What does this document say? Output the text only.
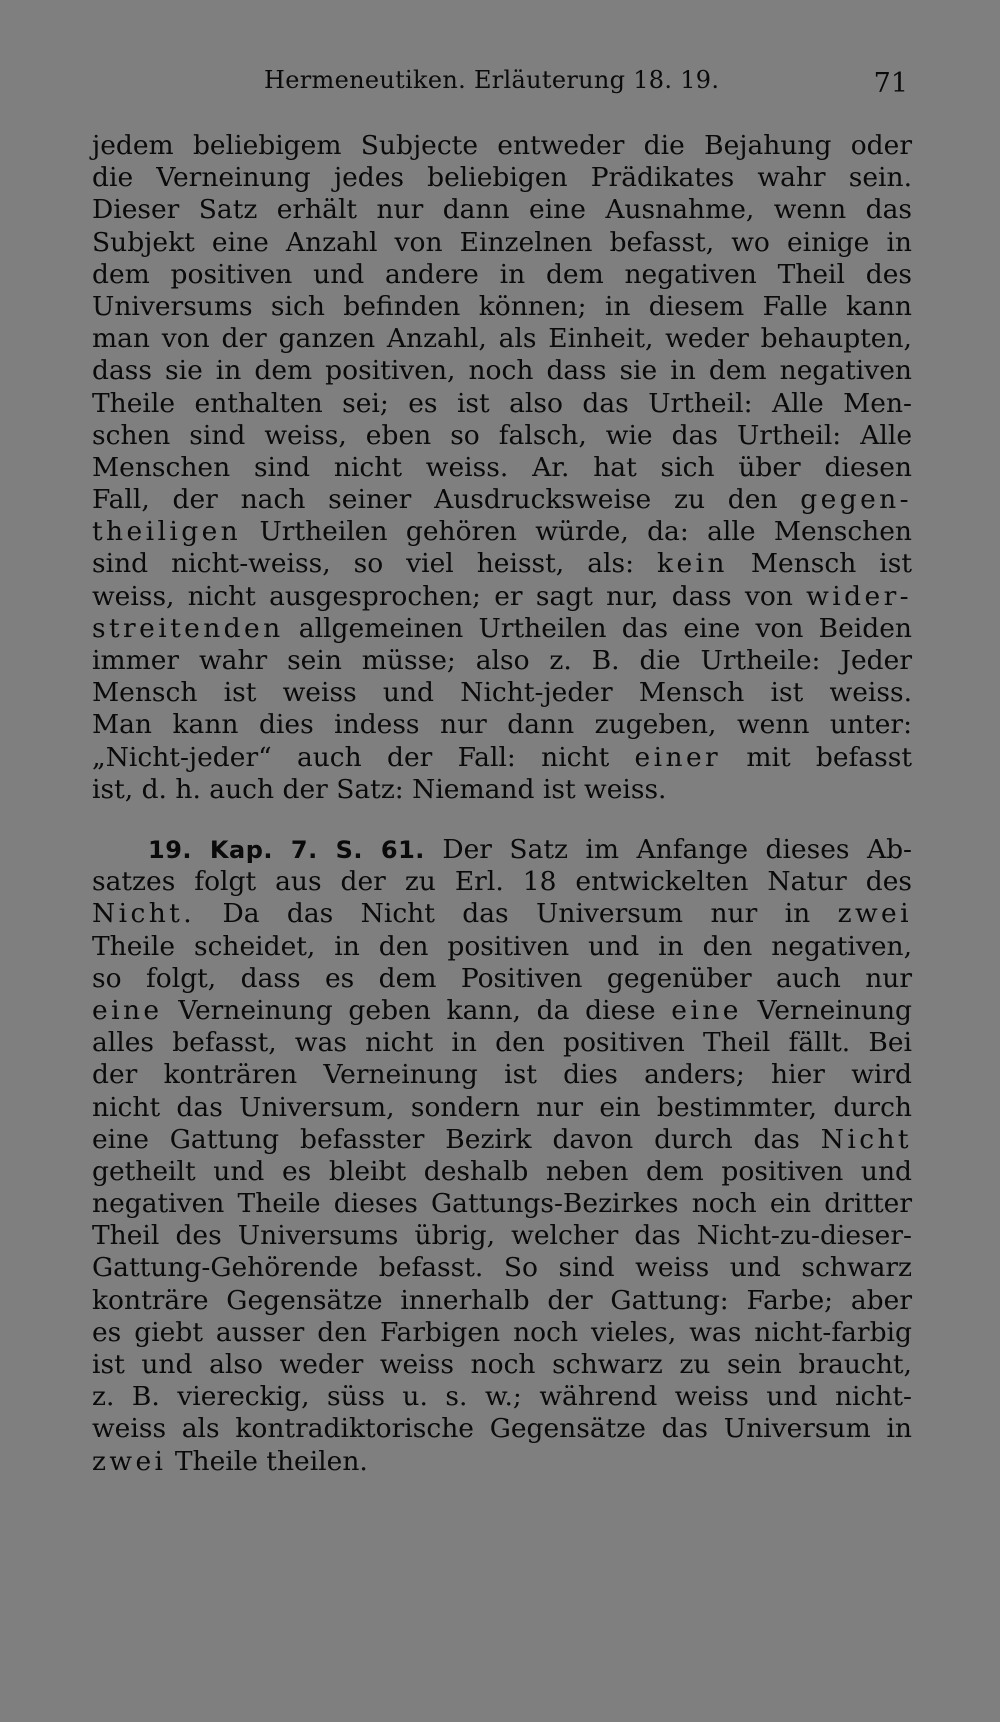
Hermeneutiken. Erläuterung 18. 19.	71
jedem beliebigem Subjecte entweder die Bejahung oder
die Verneinung jedes beliebigen Prädikates wahr sein.
Dieser Satz erhält nur dann eine Ausnahme, wenn das
Subjekt eine Anzahl von Einzelnen befasst, wo einige in
dem positiven und andere in dem negativen Theil des
Universums sich befinden können; in diesem Falle kann
man von der ganzen Anzahl, als Einheit, weder behaupten,
dass sie in dem positiven, noch dass sie in dem negativen
Theile enthalten sei; es ist also das Urtheil: Alle Men-
schen sind weiss, eben so falsch, wie das Urtheil: Alle
Menschen sind nicht weiss. Ar. hat sich über diesen
Fall, der nach seiner Ausdrucksweise zu den gegen-
theiligen Urtheilen gehören würde, da: alle Menschen
sind nicht-weiss, so viel heisst, als: kein Mensch ist
weiss, nicht ausgesprochen; er sagt nur, dass von wider-
streitenden allgemeinen Urtheilen das eine von Beiden
immer wahr sein müsse; also z. B. die Urtheile: Jeder
Mensch ist weiss und Nicht-jeder Mensch ist weiss.
Man kann dies indess nur dann zugeben, wenn unter:
„Nicht-jeder“ auch der Fall: nicht einer mit befasst
ist, d. h. auch der Satz: Niemand ist weiss.
19. Kap. 7. S. 61. Der Satz im Anfange dieses Ab-
satzes folgt aus der zu Erl. 18 entwickelten Natur des
Nicht. Da das Nicht das Universum nur in zwei
Theile scheidet, in den positiven und in den negativen,
so folgt, dass es dem Positiven gegenüber auch nur
eine Verneinung geben kann, da diese eine Verneinung
alles befasst, was nicht in den positiven Theil fällt. Bei
der konträren Verneinung ist dies anders; hier wird
nicht das Universum, sondern nur ein bestimmter, durch
eine Gattung befasster Bezirk davon durch das Nicht
getheilt und es bleibt deshalb neben dem positiven und
negativen Theile dieses Gattungs-Bezirkes noch ein dritter
Theil des Universums übrig, welcher das Nicht-zu-dieser-
Gattung-Gehörende befasst. So sind weiss und schwarz
konträre Gegensätze innerhalb der Gattung: Farbe; aber
es giebt ausser den Farbigen noch vieles, was nicht-farbig
ist und also weder weiss noch schwarz zu sein braucht,
z. B. viereckig, süss u. s. w.; während weiss und nicht-
weiss als kontradiktorische Gegensätze das Universum in
zwei Theile theilen.
